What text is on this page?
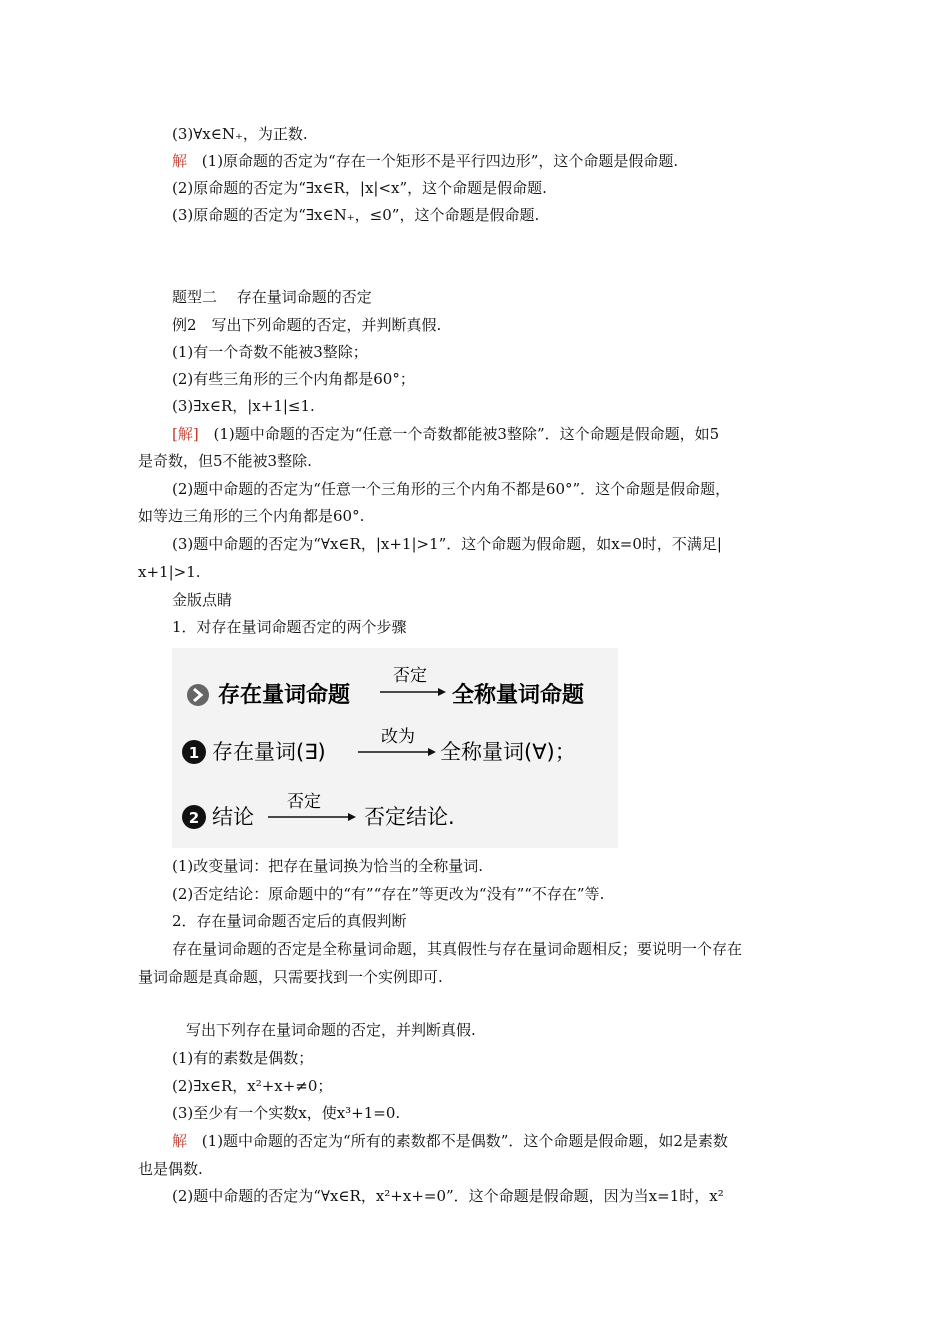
(3)∀x∈N₊，为正数.
解 (1)原命题的否定为“存在一个矩形不是平行四边形”，这个命题是假命题.
(2)原命题的否定为“∃x∈R，|x|<x”，这个命题是假命题.
(3)原命题的否定为“∃x∈N₊，≤0”，这个命题是假命题.
题型二　 存在量词命题的否定
例2　写出下列命题的否定，并判断真假.
(1)有一个奇数不能被3整除；
(2)有些三角形的三个内角都是60°；
(3)∃x∈R，|x+1|≤1.
[解] (1)题中命题的否定为“任意一个奇数都能被3整除”．这个命题是假命题，如5
是奇数，但5不能被3整除.
(2)题中命题的否定为“任意一个三角形的三个内角不都是60°”．这个命题是假命题，
如等边三角形的三个内角都是60°.
(3)题中命题的否定为“∀x∈R，|x+1|>1”．这个命题为假命题，如x=0时，不满足|
x+1|>1.
金版点睛
1．对存在量词命题否定的两个步骤
存在量词命题
否定
全称量词命题
1 存在量词(∃)
改为
全称量词(∀)；
2 结论
否定
否定结论.
(1)改变量词：把存在量词换为恰当的全称量词.
(2)否定结论：原命题中的“有”“存在”等更改为“没有”“不存在”等.
2．存在量词命题否定后的真假判断
存在量词命题的否定是全称量词命题，其真假性与存在量词命题相反；要说明一个存在
量词命题是真命题，只需要找到一个实例即可.
写出下列存在量词命题的否定，并判断真假.
(1)有的素数是偶数；
(2)∃x∈R，x²+x+≠0；
(3)至少有一个实数x，使x³+1=0.
解 (1)题中命题的否定为“所有的素数都不是偶数”．这个命题是假命题，如2是素数
也是偶数.
(2)题中命题的否定为“∀x∈R，x²+x+=0”．这个命题是假命题，因为当x=1时，x²
